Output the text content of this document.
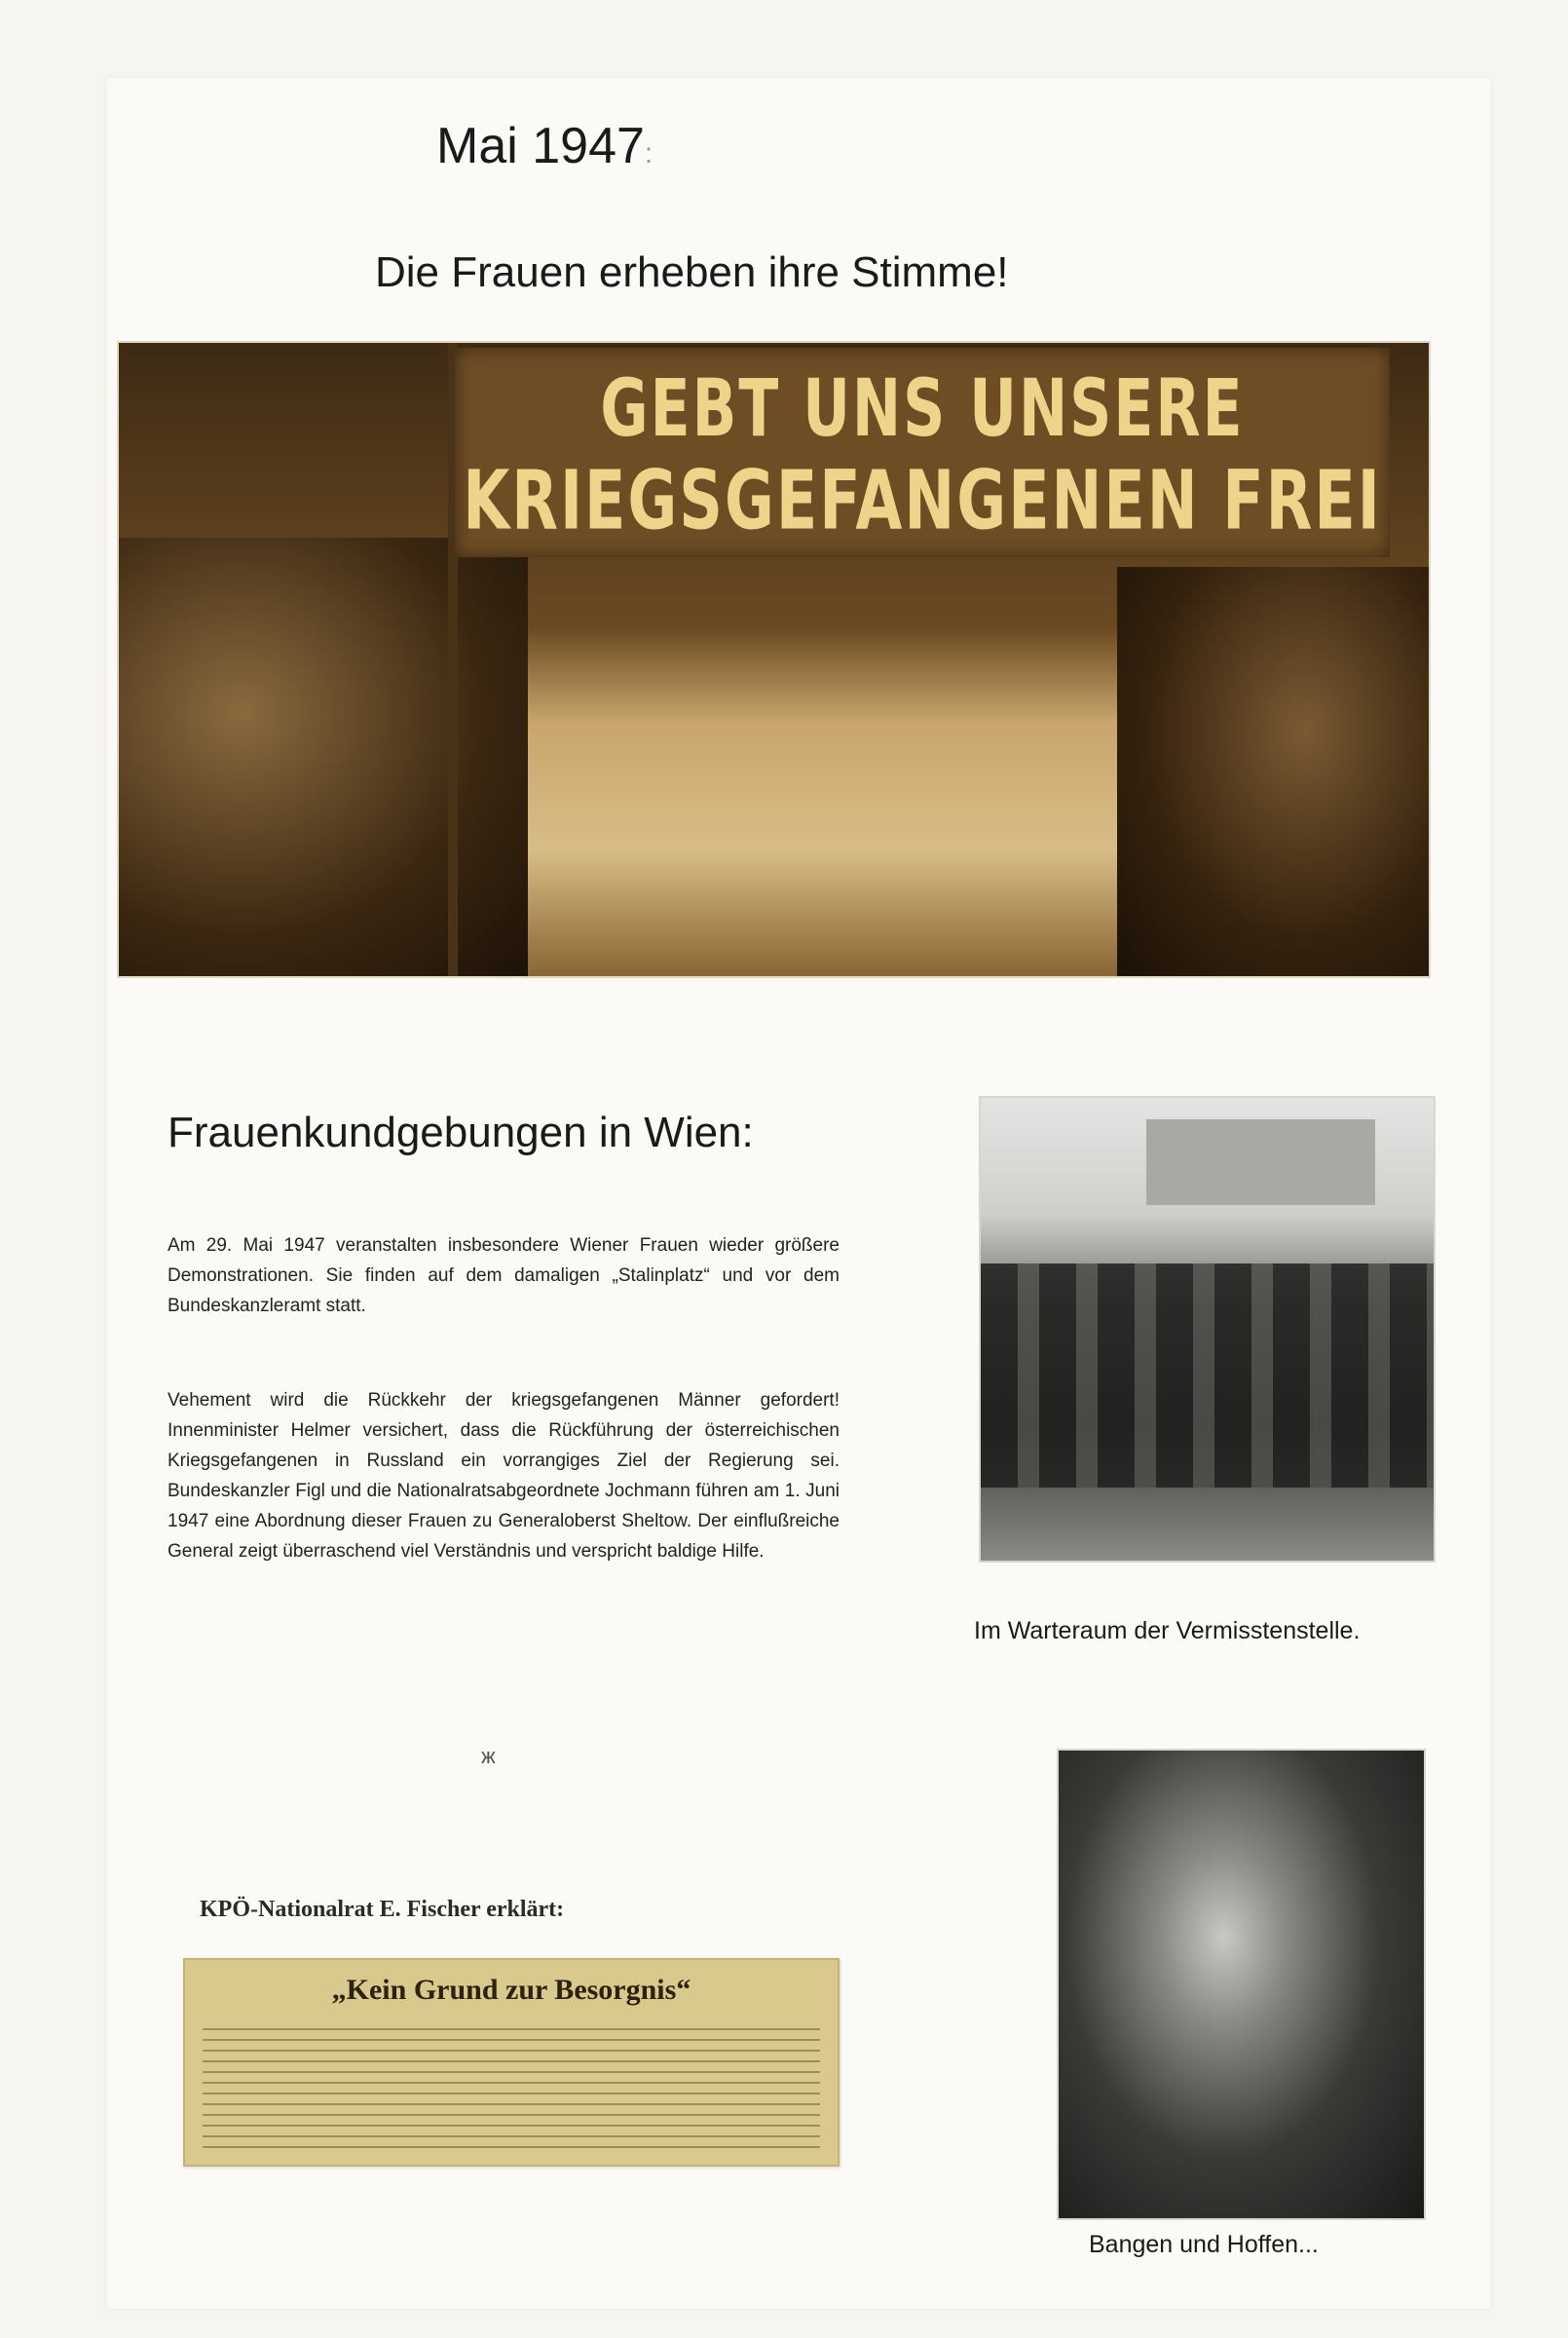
Mai 1947:
Die Frauen erheben ihre Stimme!
GEBT UNS UNSERE
KRIEGSGEFANGENEN FREI
Frauenkundgebungen in Wien:

Am 29. Mai 1947 veranstalten insbesondere Wiener Frauen wieder größere Demonstrationen. Sie finden auf dem damaligen „Stalinplatz“ und vor dem Bundeskanzleramt statt.

Vehement wird die Rückkehr der kriegsgefangenen Männer gefordert! Innenminister Helmer versichert, dass die Rückführung der österreichischen Kriegsgefangenen in Russland ein vorrangiges Ziel der Regierung sei. Bundeskanzler Figl und die Nationalratsabgeordnete Jochmann führen am 1. Juni 1947 eine Abordnung dieser Frauen zu Generaloberst Sheltow. Der einflußreiche General zeigt überraschend viel Verständnis und verspricht baldige Hilfe.

Im Warteraum der Vermisstenstelle.

ж

KPÖ-Nationalrat E. Fischer erklärt:

„Kein Grund zur Besorgnis“

Bangen und Hoffen...
